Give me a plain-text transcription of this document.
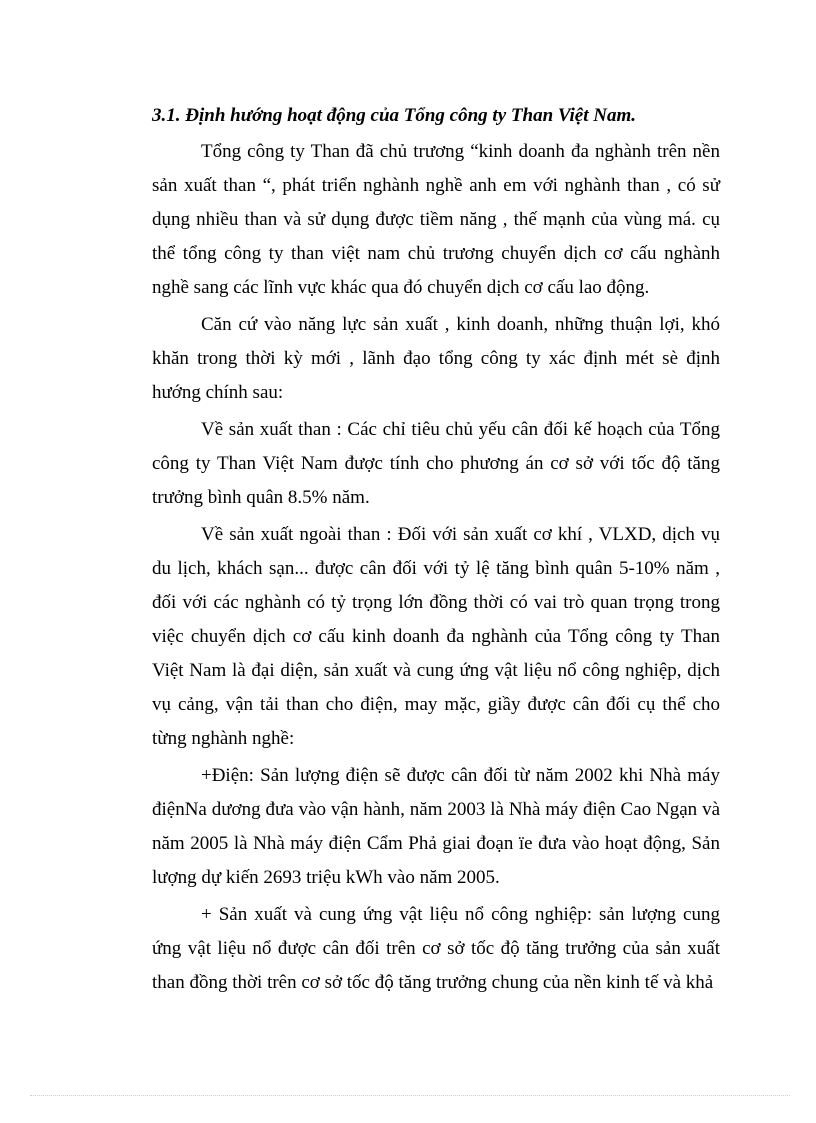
3.1. Định hướng hoạt động của Tổng công ty Than Việt Nam.

Tổng công ty Than đã chủ trương “kinh doanh đa nghành trên nền sản xuất than “, phát triển nghành nghề anh em với nghành than , có sử dụng nhiều than và sử dụng được tiềm năng , thế mạnh của vùng má. cụ thể tổng công ty than việt nam chủ trương chuyển dịch cơ cấu nghành nghề sang các lĩnh vực khác qua đó chuyển dịch cơ cấu lao động.

Căn cứ vào năng lực sản xuất , kinh doanh, những thuận lợi, khó khăn trong thời kỳ mới , lãnh đạo tổng công ty xác định mét sè định hướng chính sau:

Về sản xuất than : Các chỉ tiêu chủ yếu cân đối kế hoạch của Tổng công ty Than Việt Nam được tính cho phương án cơ sở với tốc độ tăng trưởng bình quân 8.5% năm.

Về sản xuất ngoài than : Đối với sản xuất cơ khí , VLXD, dịch vụ du lịch, khách sạn... được cân đối với tỷ lệ tăng bình quân 5-10% năm , đối với các nghành có tỷ trọng lớn đồng thời có vai trò quan trọng trong việc chuyển dịch cơ cấu kinh doanh đa nghành của Tổng công ty Than Việt Nam là đại diện, sản xuất và cung ứng vật liệu nổ công nghiệp, dịch vụ cảng, vận tải than cho điện, may mặc, giầy được cân đối cụ thể cho từng nghành nghề:

+Điện: Sản lượng điện sẽ được cân đối từ năm 2002 khi Nhà máy điệnNa dương đưa vào vận hành, năm 2003 là Nhà máy điện Cao Ngạn và năm 2005 là Nhà máy điện Cẩm Phả giai đoạn ïe đưa vào hoạt động, Sản lượng dự kiến 2693 triệu kWh vào năm 2005.

+ Sản xuất và cung ứng vật liệu nổ công nghiệp: sản lượng cung ứng vật liệu nổ được cân đối trên cơ sở tốc độ tăng trưởng của sản xuất than đồng thời trên cơ sở tốc độ tăng trưởng chung của nền kinh tế và khả
